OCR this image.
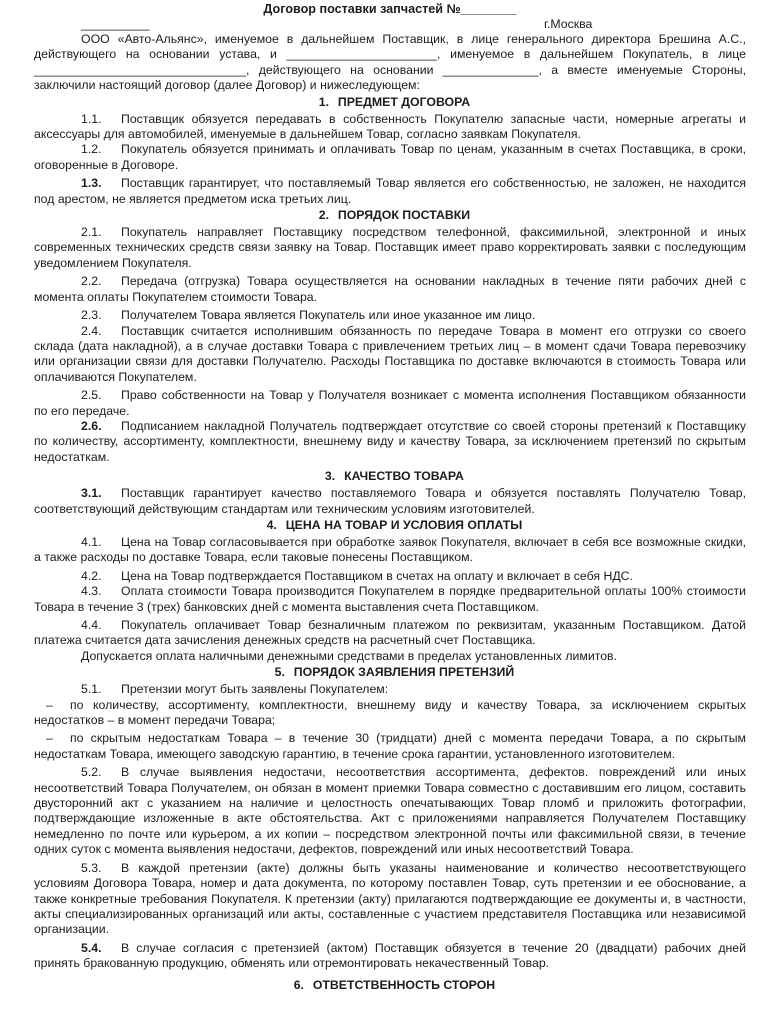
Договор поставки запчастей №________
__________	г.Москва

ООО «Авто-Альянс», именуемое в дальнейшем Поставщик, в лице генерального директора Брешина А.С., действующего на основании устава, и ______________________, именуемое в дальнейшем Покупатель, в лице _______________________________, действующего на основании ______________, а вместе именуемые Стороны, заключили настоящий договор (далее Договор) и нижеследующем:

1. ПРЕДМЕТ ДОГОВОРА

1.1. Поставщик обязуется передавать в собственность Покупателю запасные части, номерные агрегаты и аксессуары для автомобилей, именуемые в дальнейшем Товар, согласно заявкам Покупателя.

1.2. Покупатель обязуется принимать и оплачивать Товар по ценам, указанным в счетах Поставщика, в сроки, оговоренные в Договоре.

1.3. Поставщик гарантирует, что поставляемый Товар является его собственностью, не заложен, не находится под арестом, не является предметом иска третьих лиц.

2. ПОРЯДОК ПОСТАВКИ

2.1. Покупатель направляет Поставщику посредством телефонной, факсимильной, электронной и иных современных технических средств связи заявку на Товар. Поставщик имеет право корректировать заявки с последующим уведомлением Покупателя.

2.2. Передача (отгрузка) Товара осуществляется на основании накладных в течение пяти рабочих дней с момента оплаты Покупателем стоимости Товара.

2.3. Получателем Товара является Покупатель или иное указанное им лицо.

2.4. Поставщик считается исполнившим обязанность по передаче Товара в момент его отгрузки со своего склада (дата накладной), а в случае доставки Товара с привлечением третьих лиц – в момент сдачи Товара перевозчику или организации связи для доставки Получателю. Расходы Поставщика по доставке включаются в стоимость Товара или оплачиваются Покупателем.

2.5. Право собственности на Товар у Получателя возникает с момента исполнения Поставщиком обязанности по его передаче.

2.6. Подписанием накладной Получатель подтверждает отсутствие со своей стороны претензий к Поставщику по количеству, ассортименту, комплектности, внешнему виду и качеству Товара, за исключением претензий по скрытым недостаткам.

3. КАЧЕСТВО ТОВАРА

3.1. Поставщик гарантирует качество поставляемого Товара и обязуется поставлять Получателю Товар, соответствующий действующим стандартам или техническим условиям изготовителей.

4. ЦЕНА НА ТОВАР И УСЛОВИЯ ОПЛАТЫ

4.1. Цена на Товар согласовывается при обработке заявок Покупателя, включает в себя все возможные скидки, а также расходы по доставке Товара, если таковые понесены Поставщиком.

4.2. Цена на Товар подтверждается Поставщиком в счетах на оплату и включает в себя НДС.

4.3. Оплата стоимости Товара производится Покупателем в порядке предварительной оплаты 100% стоимости Товара в течение 3 (трех) банковских дней с момента выставления счета Поставщиком.

4.4. Покупатель оплачивает Товар безналичным платежом по реквизитам, указанным Поставщиком. Датой платежа считается дата зачисления денежных средств на расчетный счет Поставщика.

Допускается оплата наличными денежными средствами в пределах установленных лимитов.

5. ПОРЯДОК ЗАЯВЛЕНИЯ ПРЕТЕНЗИЙ

5.1. Претензии могут быть заявлены Покупателем:

– по количеству, ассортименту, комплектности, внешнему виду и качеству Товара, за исключением скрытых недостатков – в момент передачи Товара;

– по скрытым недостаткам Товара – в течение 30 (тридцати) дней с момента передачи Товара, а по скрытым недостаткам Товара, имеющего заводскую гарантию, в течение срока гарантии, установленного изготовителем.

5.2. В случае выявления недостачи, несоответствия ассортимента, дефектов. повреждений или иных несоответствий Товара Получателем, он обязан в момент приемки Товара совместно с доставившим его лицом, составить двусторонний акт с указанием на наличие и целостность опечатывающих Товар пломб и приложить фотографии, подтверждающие изложенные в акте обстоятельства. Акт с приложениями направляется Получателем Поставщику немедленно по почте или курьером, а их копии – посредством электронной почты или факсимильной связи, в течение одних суток с момента выявления недостачи, дефектов, повреждений или иных несоответствий Товара.

5.3. В каждой претензии (акте) должны быть указаны наименование и количество несоответствующего условиям Договора Товара, номер и дата документа, по которому поставлен Товар, суть претензии и ее обоснование, а также конкретные требования Покупателя. К претензии (акту) прилагаются подтверждающие ее документы и, в частности, акты специализированных организаций или акты, составленные с участием представителя Поставщика или независимой организации.

5.4. В случае согласия с претензией (актом) Поставщик обязуется в течение 20 (двадцати) рабочих дней принять бракованную продукцию, обменять или отремонтировать некачественный Товар.

6. ОТВЕТСТВЕННОСТЬ СТОРОН
